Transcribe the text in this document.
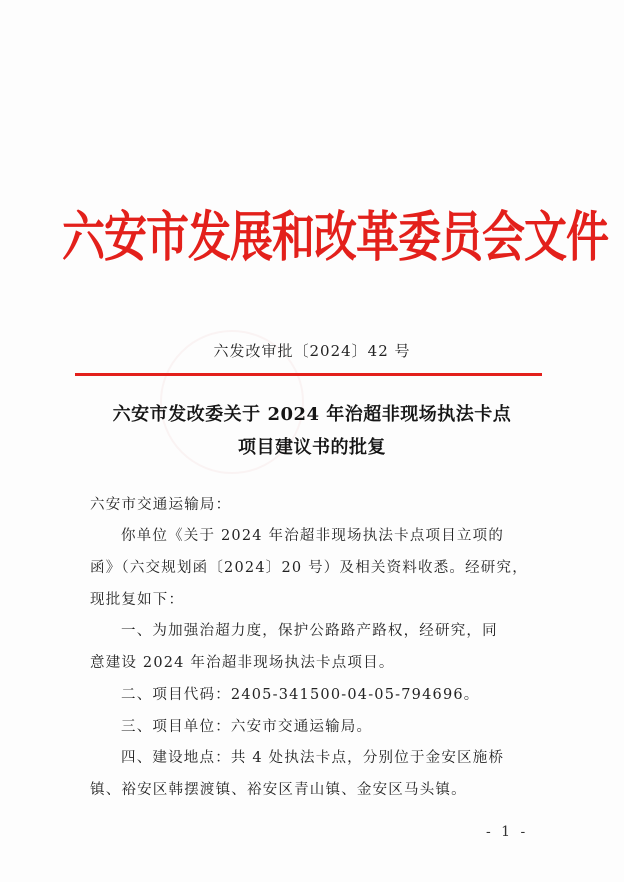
六安市发展和改革委员会文件
六发改审批〔2024〕42 号
六安市发改委关于 2024 年治超非现场执法卡点
项目建议书的批复
六安市交通运输局：
你单位《关于 2024 年治超非现场执法卡点项目立项的
函》（六交规划函〔2024〕20 号）及相关资料收悉。经研究，
现批复如下：
一、为加强治超力度，保护公路路产路权，经研究，同
意建设 2024 年治超非现场执法卡点项目。
二、项目代码：2405-341500-04-05-794696。
三、项目单位：六安市交通运输局。
四、建设地点：共 4 处执法卡点，分别位于金安区施桥
镇、裕安区韩摆渡镇、裕安区青山镇、金安区马头镇。
- 1 -
